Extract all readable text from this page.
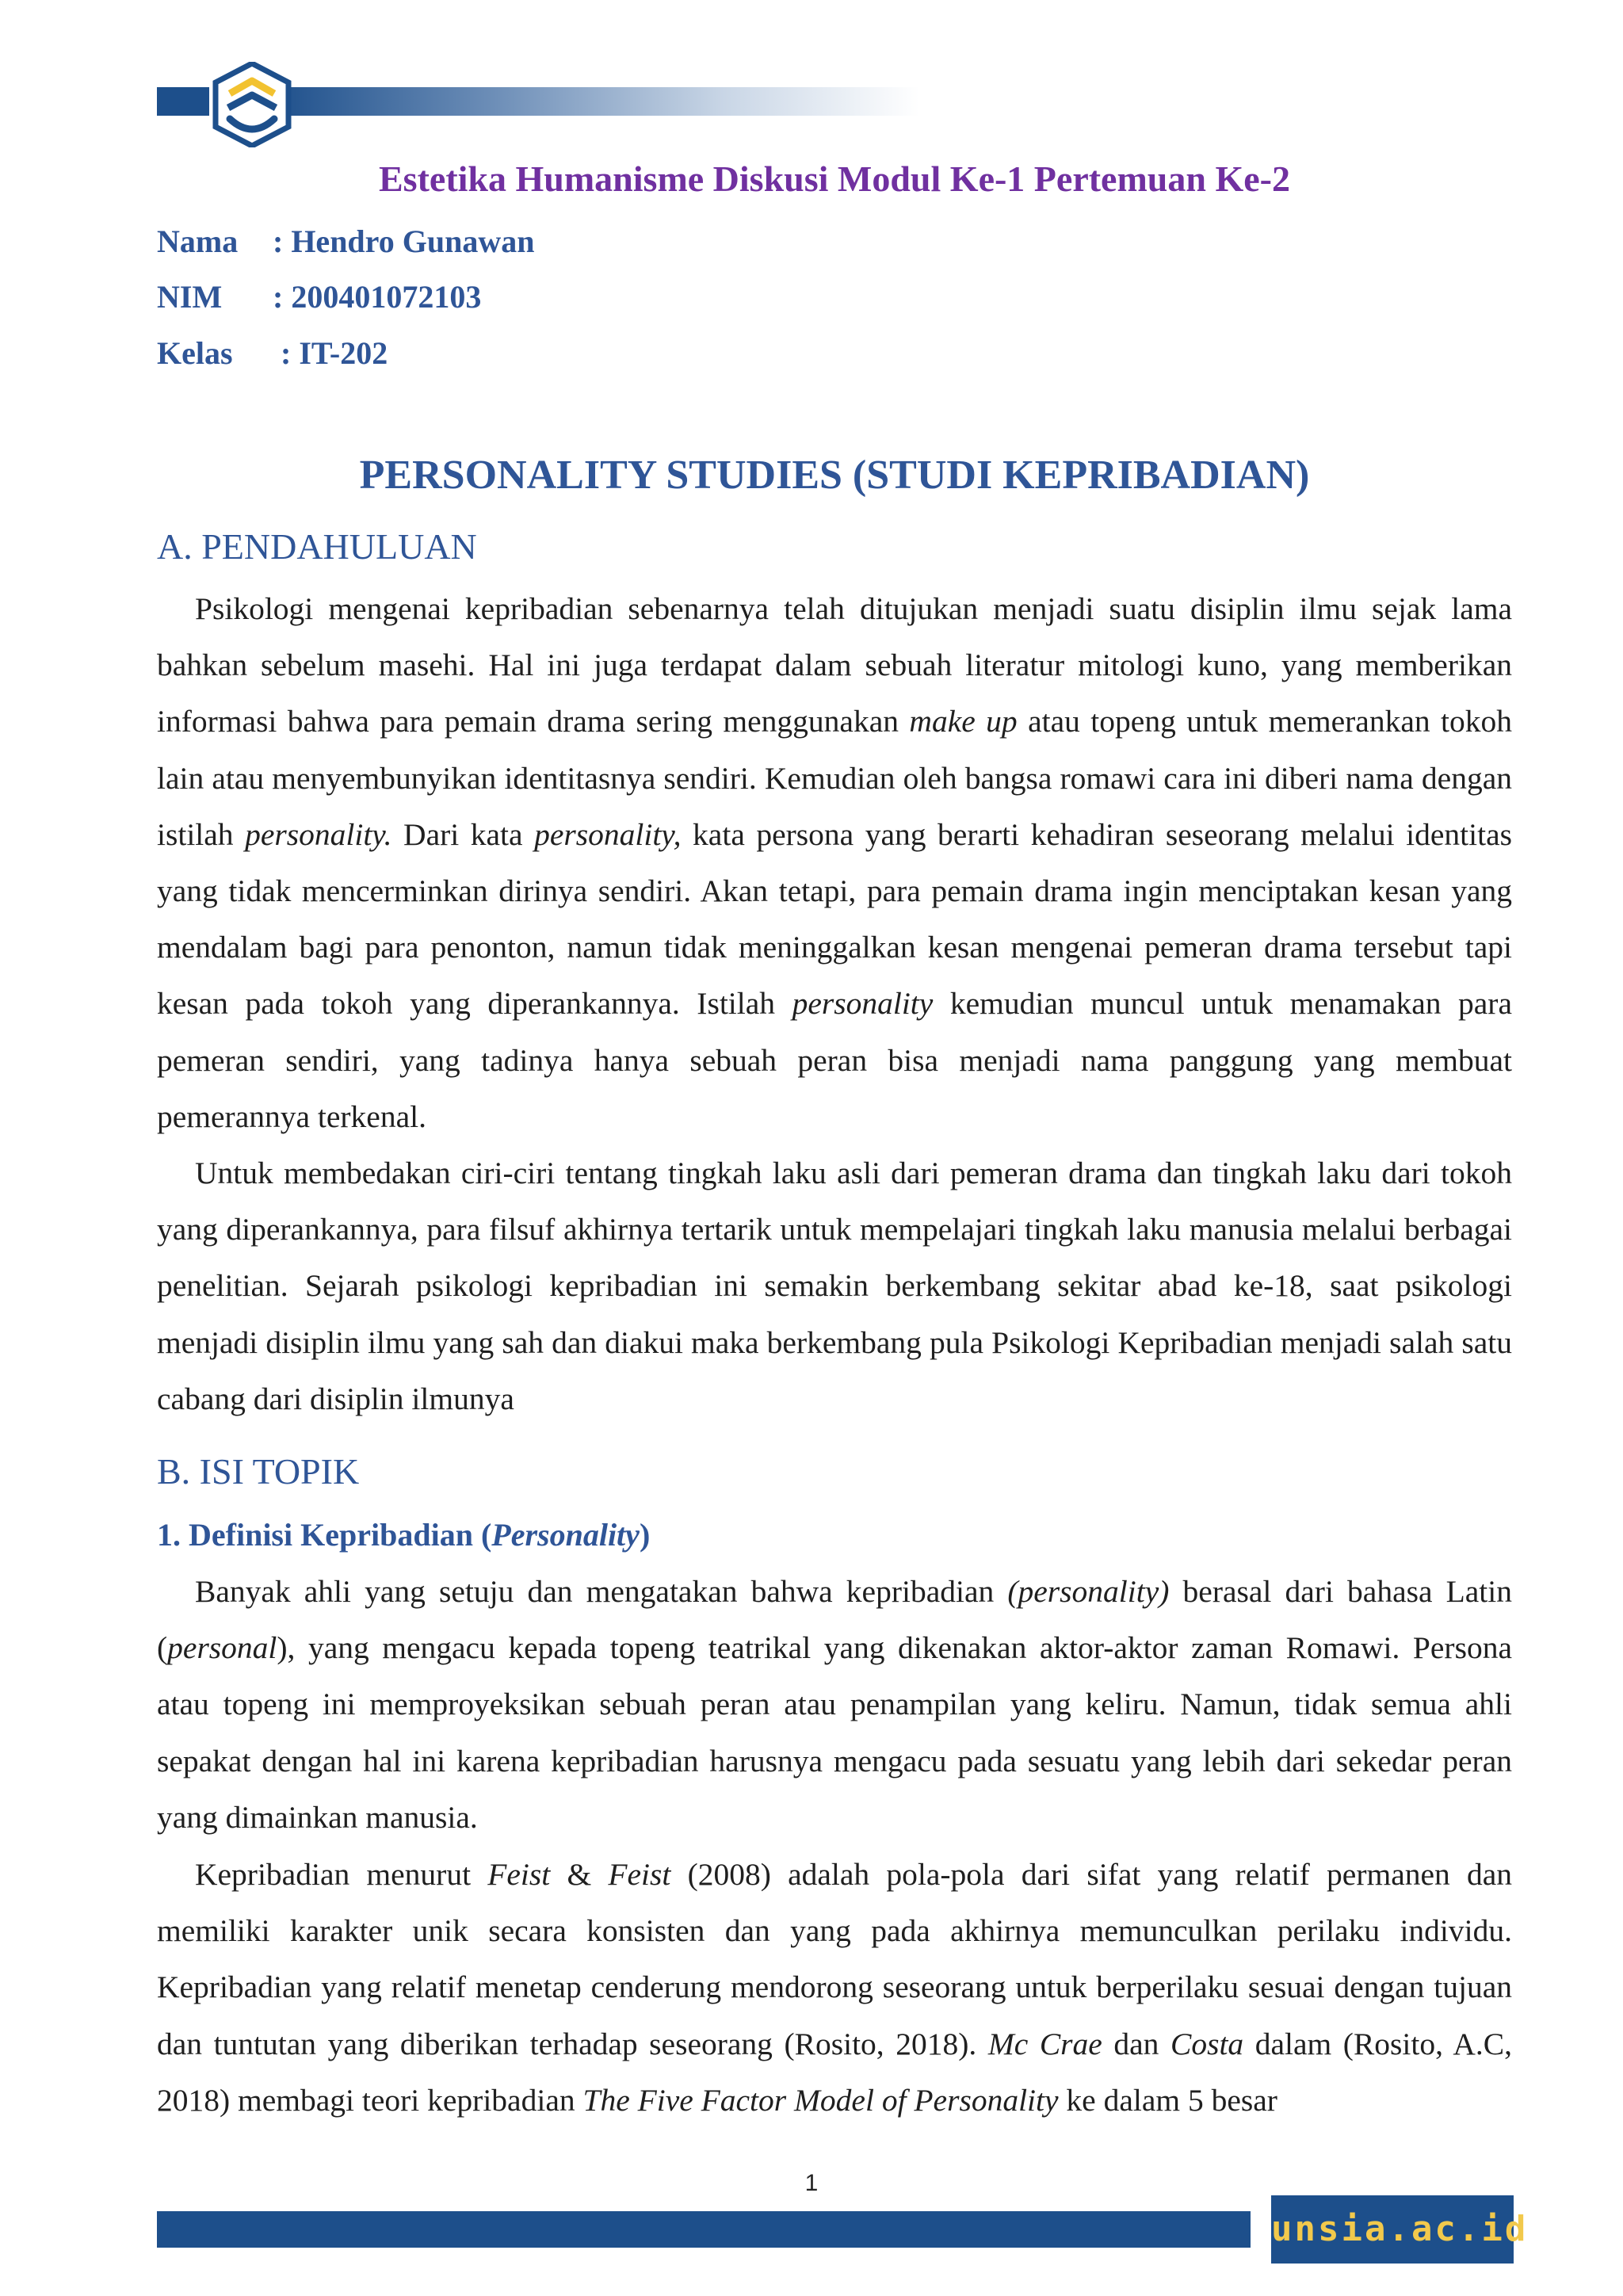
Estetika Humanisme Diskusi Modul Ke-1 Pertemuan Ke-2
Nama : Hendro Gunawan
NIM : 200401072103
Kelas : IT-202
PERSONALITY STUDIES (STUDI KEPRIBADIAN)
A. PENDAHULUAN

Psikologi mengenai kepribadian sebenarnya telah ditujukan menjadi suatu disiplin ilmu sejak lama bahkan sebelum masehi. Hal ini juga terdapat dalam sebuah literatur mitologi kuno, yang memberikan informasi bahwa para pemain drama sering menggunakan make up atau topeng untuk memerankan tokoh lain atau menyembunyikan identitasnya sendiri. Kemudian oleh bangsa romawi cara ini diberi nama dengan istilah personality. Dari kata personality, kata persona yang berarti kehadiran seseorang melalui identitas yang tidak mencerminkan dirinya sendiri. Akan tetapi, para pemain drama ingin menciptakan kesan yang mendalam bagi para penonton, namun tidak meninggalkan kesan mengenai pemeran drama tersebut tapi kesan pada tokoh yang diperankannya. Istilah personality kemudian muncul untuk menamakan para pemeran sendiri, yang tadinya hanya sebuah peran bisa menjadi nama panggung yang membuat pemerannya terkenal.

Untuk membedakan ciri-ciri tentang tingkah laku asli dari pemeran drama dan tingkah laku dari tokoh yang diperankannya, para filsuf akhirnya tertarik untuk mempelajari tingkah laku manusia melalui berbagai penelitian. Sejarah psikologi kepribadian ini semakin berkembang sekitar abad ke-18, saat psikologi menjadi disiplin ilmu yang sah dan diakui maka berkembang pula Psikologi Kepribadian menjadi salah satu cabang dari disiplin ilmunya

B. ISI TOPIK
1. Definisi Kepribadian (Personality)

Banyak ahli yang setuju dan mengatakan bahwa kepribadian (personality) berasal dari bahasa Latin (personal), yang mengacu kepada topeng teatrikal yang dikenakan aktor-aktor zaman Romawi. Persona atau topeng ini memproyeksikan sebuah peran atau penampilan yang keliru. Namun, tidak semua ahli sepakat dengan hal ini karena kepribadian harusnya mengacu pada sesuatu yang lebih dari sekedar peran yang dimainkan manusia.

Kepribadian menurut Feist & Feist (2008) adalah pola-pola dari sifat yang relatif permanen dan memiliki karakter unik secara konsisten dan yang pada akhirnya memunculkan perilaku individu. Kepribadian yang relatif menetap cenderung mendorong seseorang untuk berperilaku sesuai dengan tujuan dan tuntutan yang diberikan terhadap seseorang (Rosito, 2018). Mc Crae dan Costa dalam (Rosito, A.C, 2018) membagi teori kepribadian The Five Factor Model of Personality ke dalam 5 besar

1
unsia.ac.id
